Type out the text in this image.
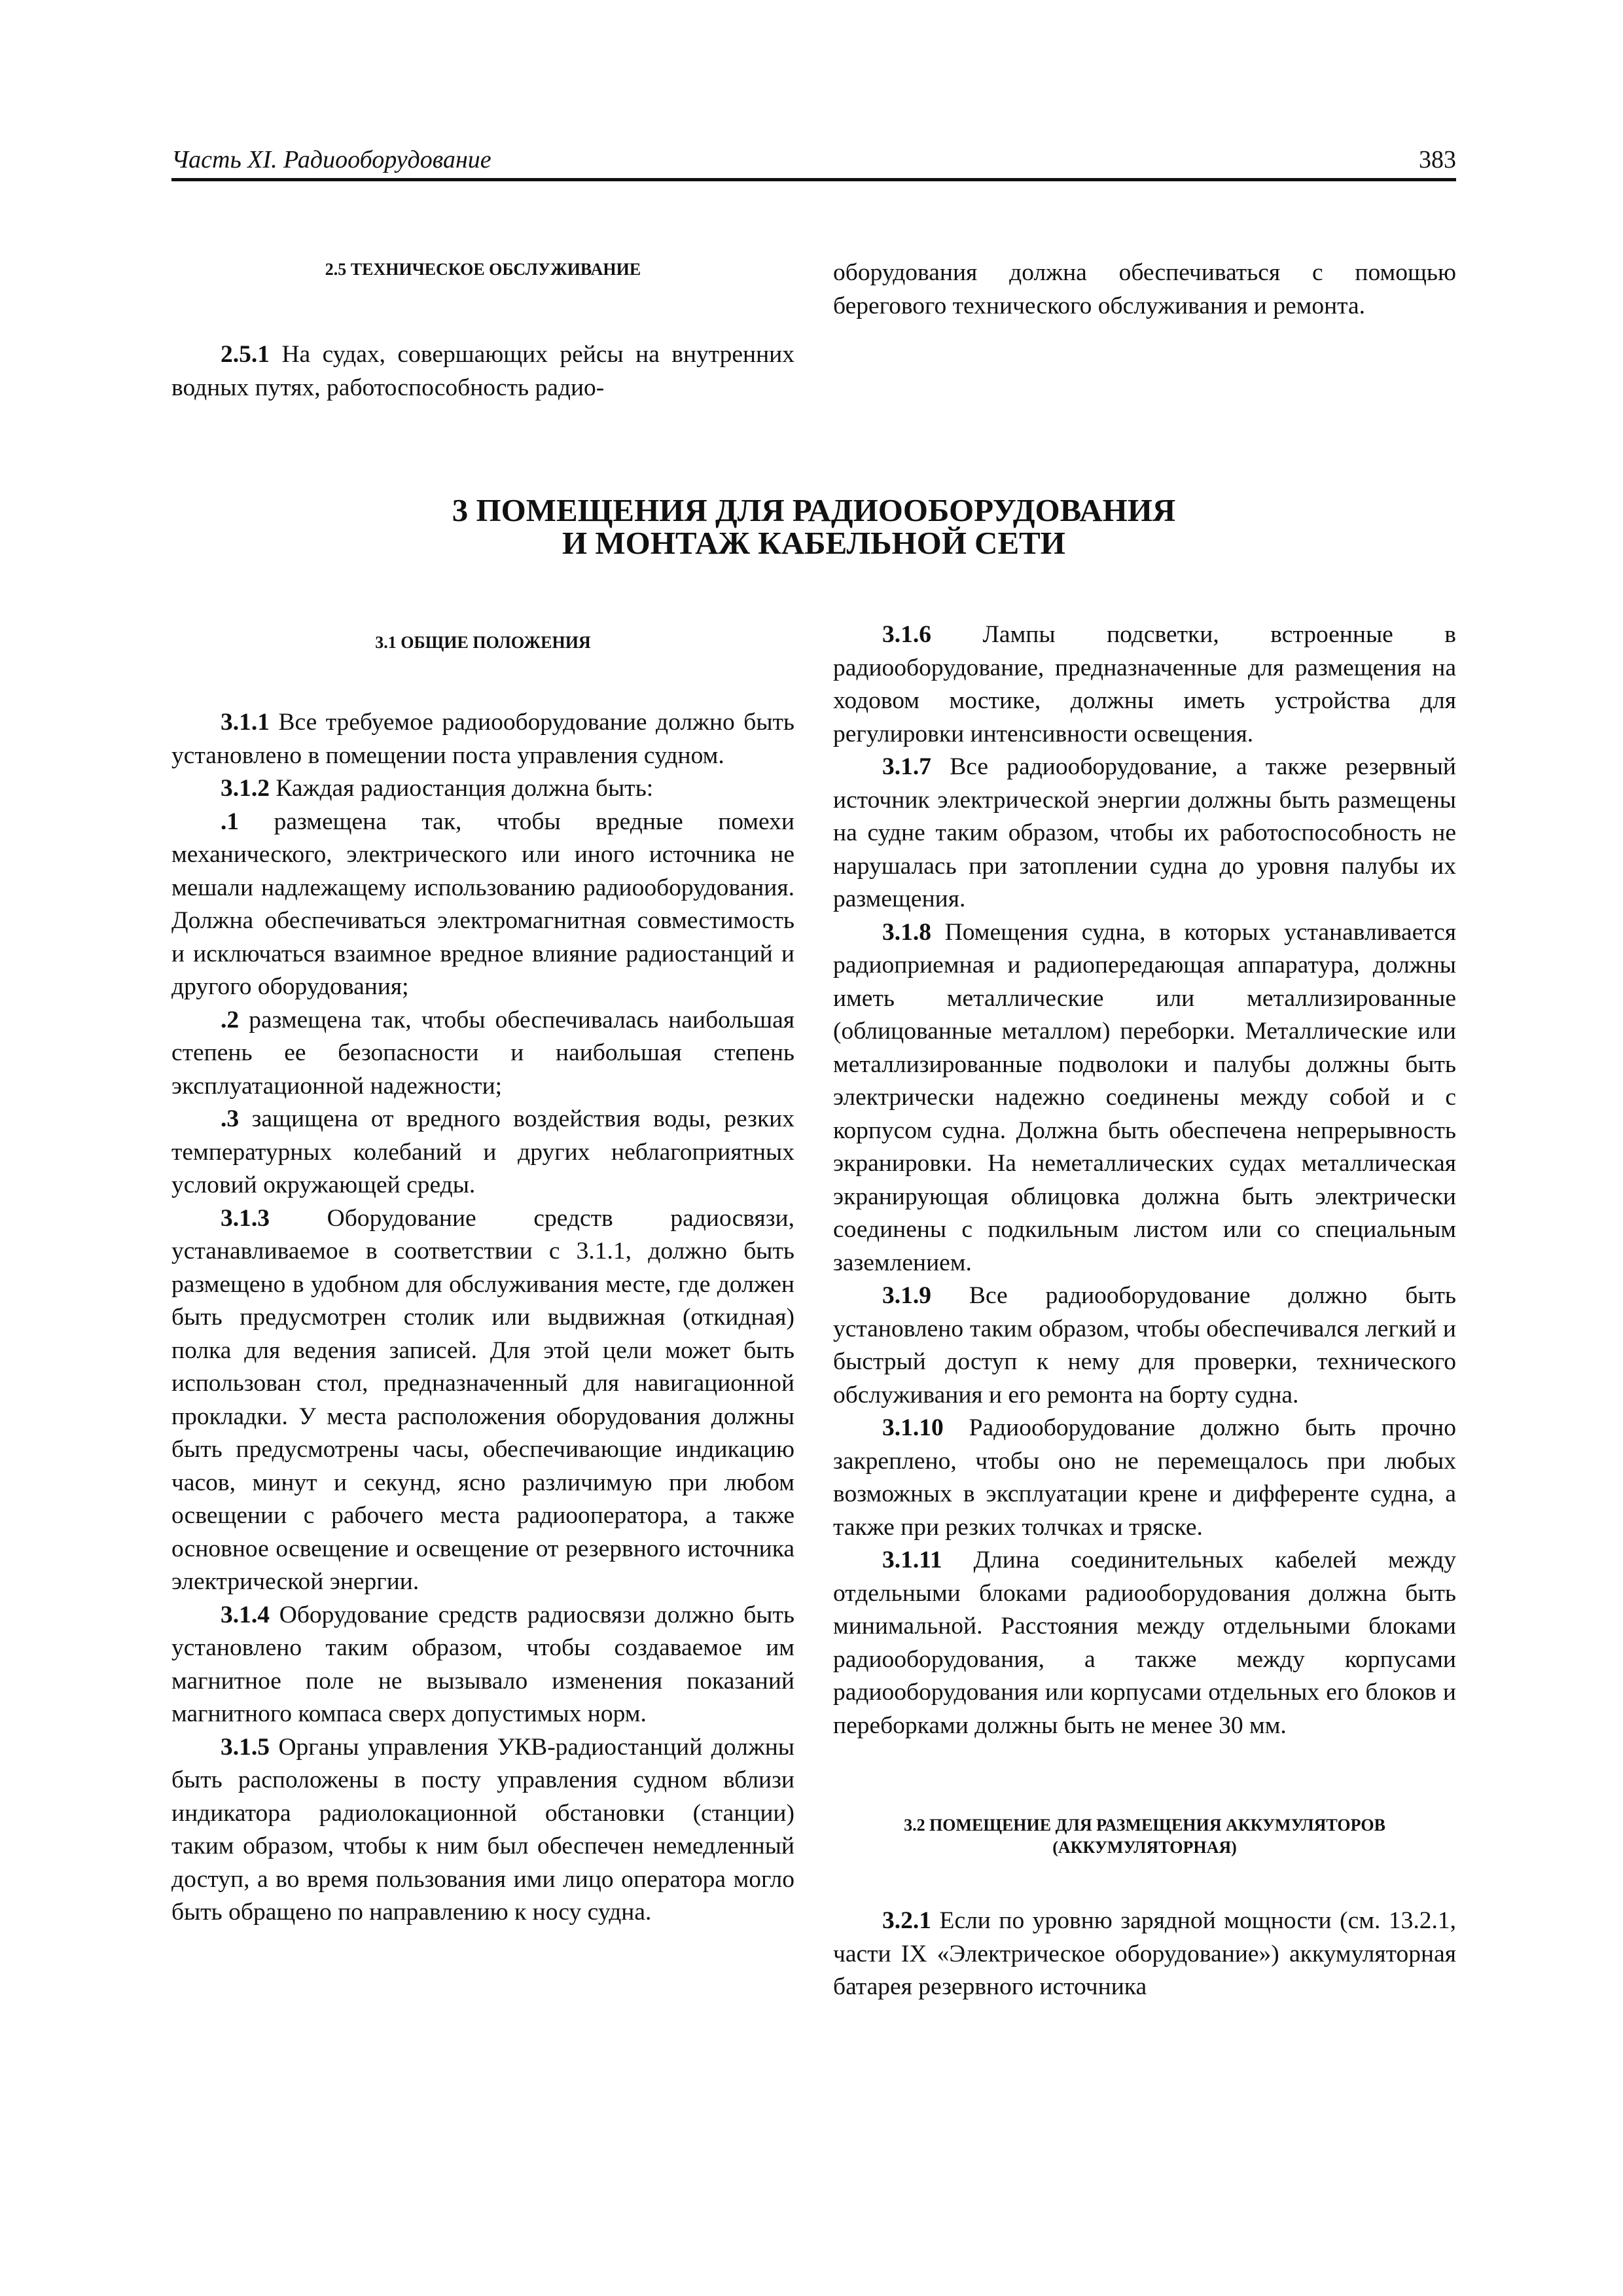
Часть XI. Радиооборудование	383
2.5 ТЕХНИЧЕСКОЕ ОБСЛУЖИВАНИЕ

2.5.1 На судах, совершающих рейсы на внутренних водных путях, работоспособность радио-

оборудования должна обеспечиваться с помощью берегового технического обслуживания и ремонта.

3 ПОМЕЩЕНИЯ ДЛЯ РАДИООБОРУДОВАНИЯ
И МОНТАЖ КАБЕЛЬНОЙ СЕТИ
3.1 ОБЩИЕ ПОЛОЖЕНИЯ

3.1.1 Все требуемое радиооборудование должно быть установлено в помещении поста управления судном.

3.1.2 Каждая радиостанция должна быть:

.1 размещена так, чтобы вредные помехи механического, электрического или иного источника не мешали надлежащему использованию радиооборудования. Должна обеспечиваться электромагнитная совместимость и исключаться взаимное вредное влияние радиостанций и другого оборудования;

.2 размещена так, чтобы обеспечивалась наибольшая степень ее безопасности и наибольшая степень эксплуатационной надежности;

.3 защищена от вредного воздействия воды, резких температурных колебаний и других неблагоприятных условий окружающей среды.

3.1.3 Оборудование средств радиосвязи, устанавливаемое в соответствии с 3.1.1, должно быть размещено в удобном для обслуживания месте, где должен быть предусмотрен столик или выдвижная (откидная) полка для ведения записей. Для этой цели может быть использован стол, предназначенный для навигационной прокладки. У места расположения оборудования должны быть предусмотрены часы, обеспечивающие индикацию часов, минут и секунд, ясно различимую при любом освещении с рабочего места радиооператора, а также основное освещение и освещение от резервного источника электрической энергии.

3.1.4 Оборудование средств радиосвязи должно быть установлено таким образом, чтобы создаваемое им магнитное поле не вызывало изменения показаний магнитного компаса сверх допустимых норм.

3.1.5 Органы управления УКВ-радиостанций должны быть расположены в посту управления судном вблизи индикатора радиолокационной обстановки (станции) таким образом, чтобы к ним был обеспечен немедленный доступ, а во время пользования ими лицо оператора могло быть обращено по направлению к носу судна.

3.1.6 Лампы подсветки, встроенные в радиооборудование, предназначенные для размещения на ходовом мостике, должны иметь устройства для регулировки интенсивности освещения.

3.1.7 Все радиооборудование, а также резервный источник электрической энергии должны быть размещены на судне таким образом, чтобы их работоспособность не нарушалась при затоплении судна до уровня палубы их размещения.

3.1.8 Помещения судна, в которых устанавливается радиоприемная и радиопередающая аппаратура, должны иметь металлические или металлизированные (облицованные металлом) переборки. Металлические или металлизированные подволоки и палубы должны быть электрически надежно соединены между собой и с корпусом судна. Должна быть обеспечена непрерывность экранировки. На неметаллических судах металлическая экранирующая облицовка должна быть электрически соединены с подкильным листом или со специальным заземлением.

3.1.9 Все радиооборудование должно быть установлено таким образом, чтобы обеспечивался легкий и быстрый доступ к нему для проверки, технического обслуживания и его ремонта на борту судна.

3.1.10 Радиооборудование должно быть прочно закреплено, чтобы оно не перемещалось при любых возможных в эксплуатации крене и дифференте судна, а также при резких толчках и тряске.

3.1.11 Длина соединительных кабелей между отдельными блоками радиооборудования должна быть минимальной. Расстояния между отдельными блоками радиооборудования, а также между корпусами радиооборудования или корпусами отдельных его блоков и переборками должны быть не менее 30 мм.

3.2 ПОМЕЩЕНИЕ ДЛЯ РАЗМЕЩЕНИЯ АККУМУЛЯТОРОВ
(АККУМУЛЯТОРНАЯ)

3.2.1 Если по уровню зарядной мощности (см. 13.2.1, части IX «Электрическое оборудование») аккумуляторная батарея резервного источника
